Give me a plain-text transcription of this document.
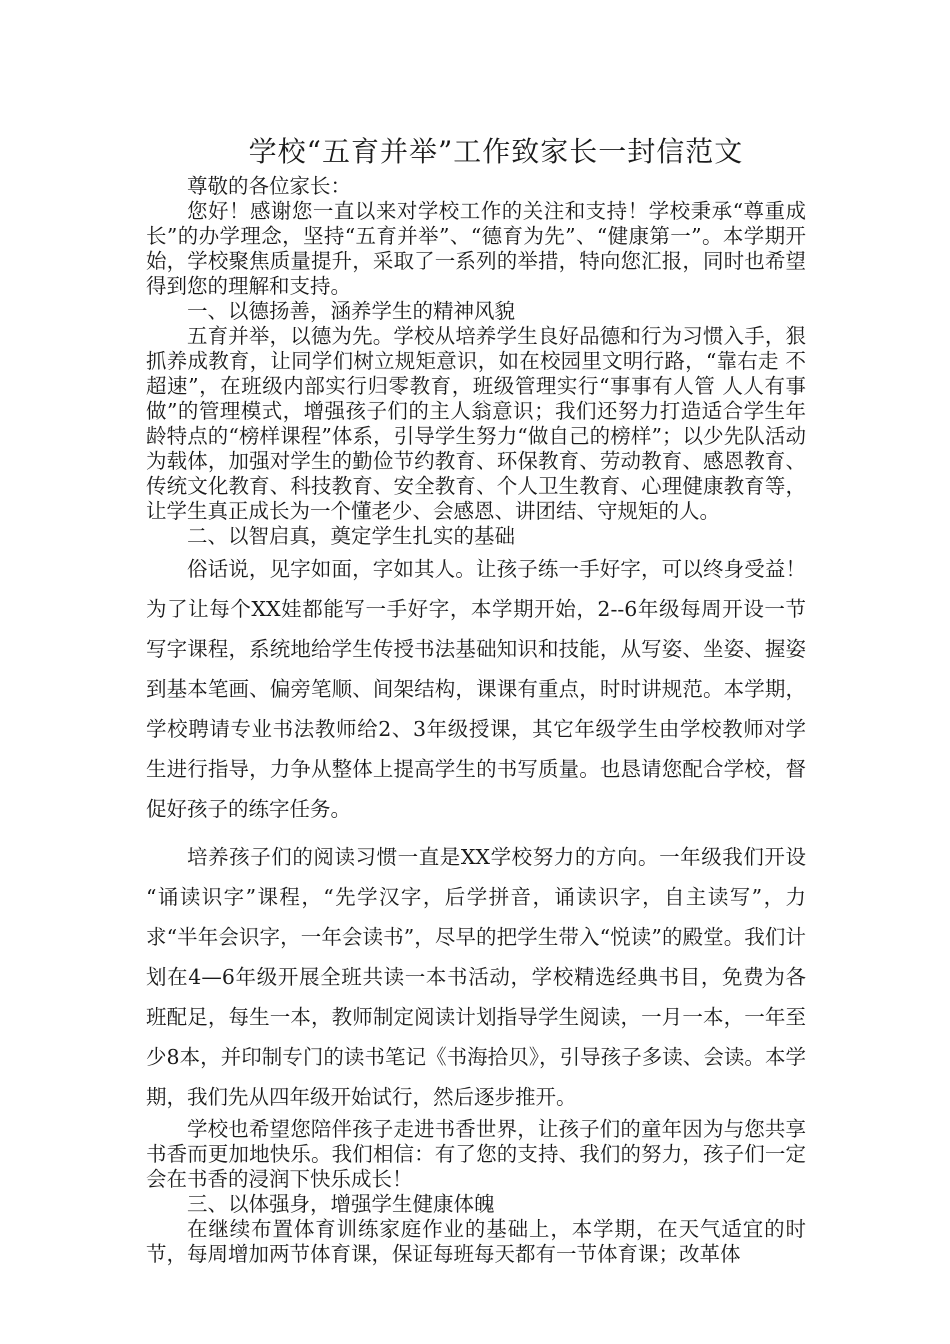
学校“五育并举”工作致家长一封信范文

尊敬的各位家长：

您好！感谢您一直以来对学校工作的关注和支持！学校秉承“尊重成长”的办学理念，坚持“五育并举”、“德育为先”、“健康第一”。本学期开始，学校聚焦质量提升，采取了一系列的举措，特向您汇报，同时也希望得到您的理解和支持。

一、以德扬善，涵养学生的精神风貌

五育并举，以德为先。学校从培养学生良好品德和行为习惯入手，狠抓养成教育，让同学们树立规矩意识，如在校园里文明行路，“靠右走 不超速”，在班级内部实行归零教育，班级管理实行“事事有人管 人人有事做”的管理模式，增强孩子们的主人翁意识；我们还努力打造适合学生年龄特点的“榜样课程”体系，引导学生努力“做自己的榜样”；以少先队活动为载体，加强对学生的勤俭节约教育、环保教育、劳动教育、感恩教育、传统文化教育、科技教育、安全教育、个人卫生教育、心理健康教育等，让学生真正成长为一个懂老少、会感恩、讲团结、守规矩的人。

二、以智启真，奠定学生扎实的基础

俗话说，见字如面，字如其人。让孩子练一手好字，可以终身受益！为了让每个XX娃都能写一手好字，本学期开始，2--6年级每周开设一节写字课程，系统地给学生传授书法基础知识和技能，从写姿、坐姿、握姿到基本笔画、偏旁笔顺、间架结构，课课有重点，时时讲规范。本学期，学校聘请专业书法教师给2、3年级授课，其它年级学生由学校教师对学生进行指导，力争从整体上提高学生的书写质量。也恳请您配合学校，督促好孩子的练字任务。

培养孩子们的阅读习惯一直是XX学校努力的方向。一年级我们开设 “诵读识字”课程，“先学汉字，后学拼音，诵读识字，自主读写”，力求“半年会识字，一年会读书”，尽早的把学生带入“悦读”的殿堂。我们计划在4—6年级开展全班共读一本书活动，学校精选经典书目，免费为各班配足，每生一本，教师制定阅读计划指导学生阅读，一月一本，一年至少8本，并印制专门的读书笔记《书海拾贝》，引导孩子多读、会读。本学期，我们先从四年级开始试行，然后逐步推开。

学校也希望您陪伴孩子走进书香世界，让孩子们的童年因为与您共享书香而更加地快乐。我们相信：有了您的支持、我们的努力，孩子们一定会在书香的浸润下快乐成长！

三、以体强身，增强学生健康体魄

在继续布置体育训练家庭作业的基础上，本学期，在天气适宜的时节，每周增加两节体育课，保证每班每天都有一节体育课；改革体
